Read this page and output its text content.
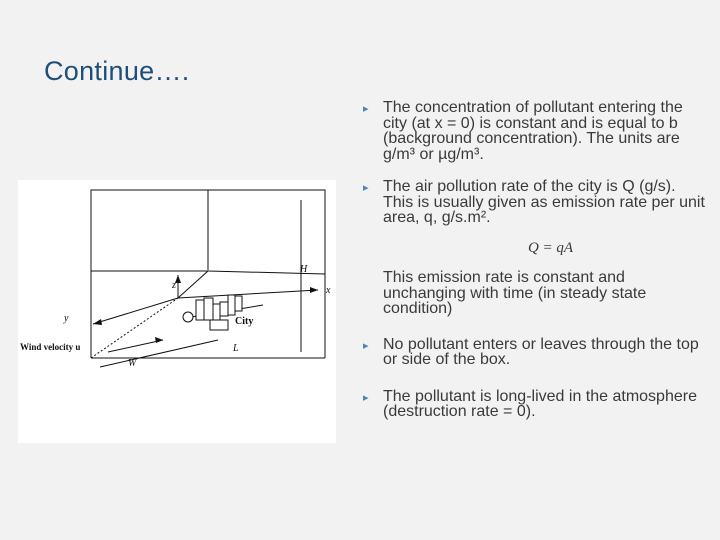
Continue….
H
x
z
y
L
W
City
Wind velocity u
▸ The concentration of pollutant entering the city (at x = 0) is constant and is equal to b (background concentration). The units are g/m³ or µg/m³.
▸ The air pollution rate of the city is Q (g/s). This is usually given as emission rate per unit area, q, g/s.m².
Q = qA
This emission rate is constant and unchanging with time (in steady state condition)
▸ No pollutant enters or leaves through the top or side of the box.
▸ The pollutant is long-lived in the atmosphere (destruction rate = 0).
